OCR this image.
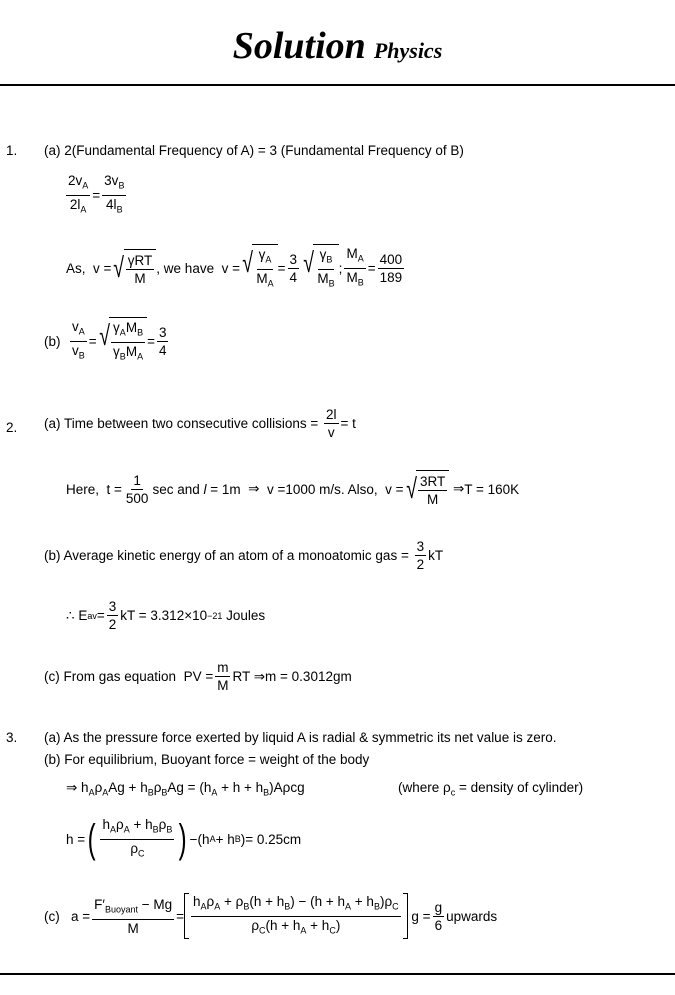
Solution Physics
1. (a) 2(Fundamental Frequency of A) = 3 (Fundamental Frequency of B)
$\frac{2v_A}{2l_A} = \frac{3v_B}{4l_B}$
As, v = √ $\frac{\text{γRT}}{M}$ , we have v = √ $\frac{\gamma_A}{M_A} = \frac{3}{4}$ √ $\frac{\gamma_B}{M_B}$ ; $\frac{M_A}{M_B} = \frac{400}{189}$
(b)
$\frac{v_A}{v_B}$ = √ $\frac{\gamma_AM_B}{\gamma_BM_A} = \frac{3}{4}$
2. (a) Time between two consecutive collisions =
$\frac{2l}{v} = t$
Here, $t = \frac{1}{500}$ sec and
l
= 1m ⇒ v =1000 m/s. Also, v = √ $\frac{3RT}{M}$ ⇒ T = 160K
(b) Average kinetic energy of an atom of a monoatomic gas =
$\frac{3}{2}$ kT
∴ E av = $\frac{3}{2}$ kT = 3.312×10 −21
Joules
(c) From gas equation PV = $\frac{m}{M}$ RT ⇒ m = 0.3012gm
3. (a) As the pressure force exerted by liquid A is radial & symmetric its net value is zero.
(b) For equilibrium, Buoyant force = weight of the body
⇒ $h_A\rho_AAg + h_B\rho_BAg = (h_A + h + h_B)A\rho cg$	(where $\rho_c$ = density of cylinder)
h = ( $\frac{h_A\rho_A + h_B\rho_B}{\rho_C}$ ) −(h A + h B ) = 0.25cm
(c) $a = \frac{F'_{Buoyant} - Mg}{M} = \frac{h_A\rho_A + \rho_B(h + h_B) - (h + h_A + h_B)\rho_C}{\rho_C(h + h_A + h_C)}$ $g = \frac{g}{6}$ upwards
